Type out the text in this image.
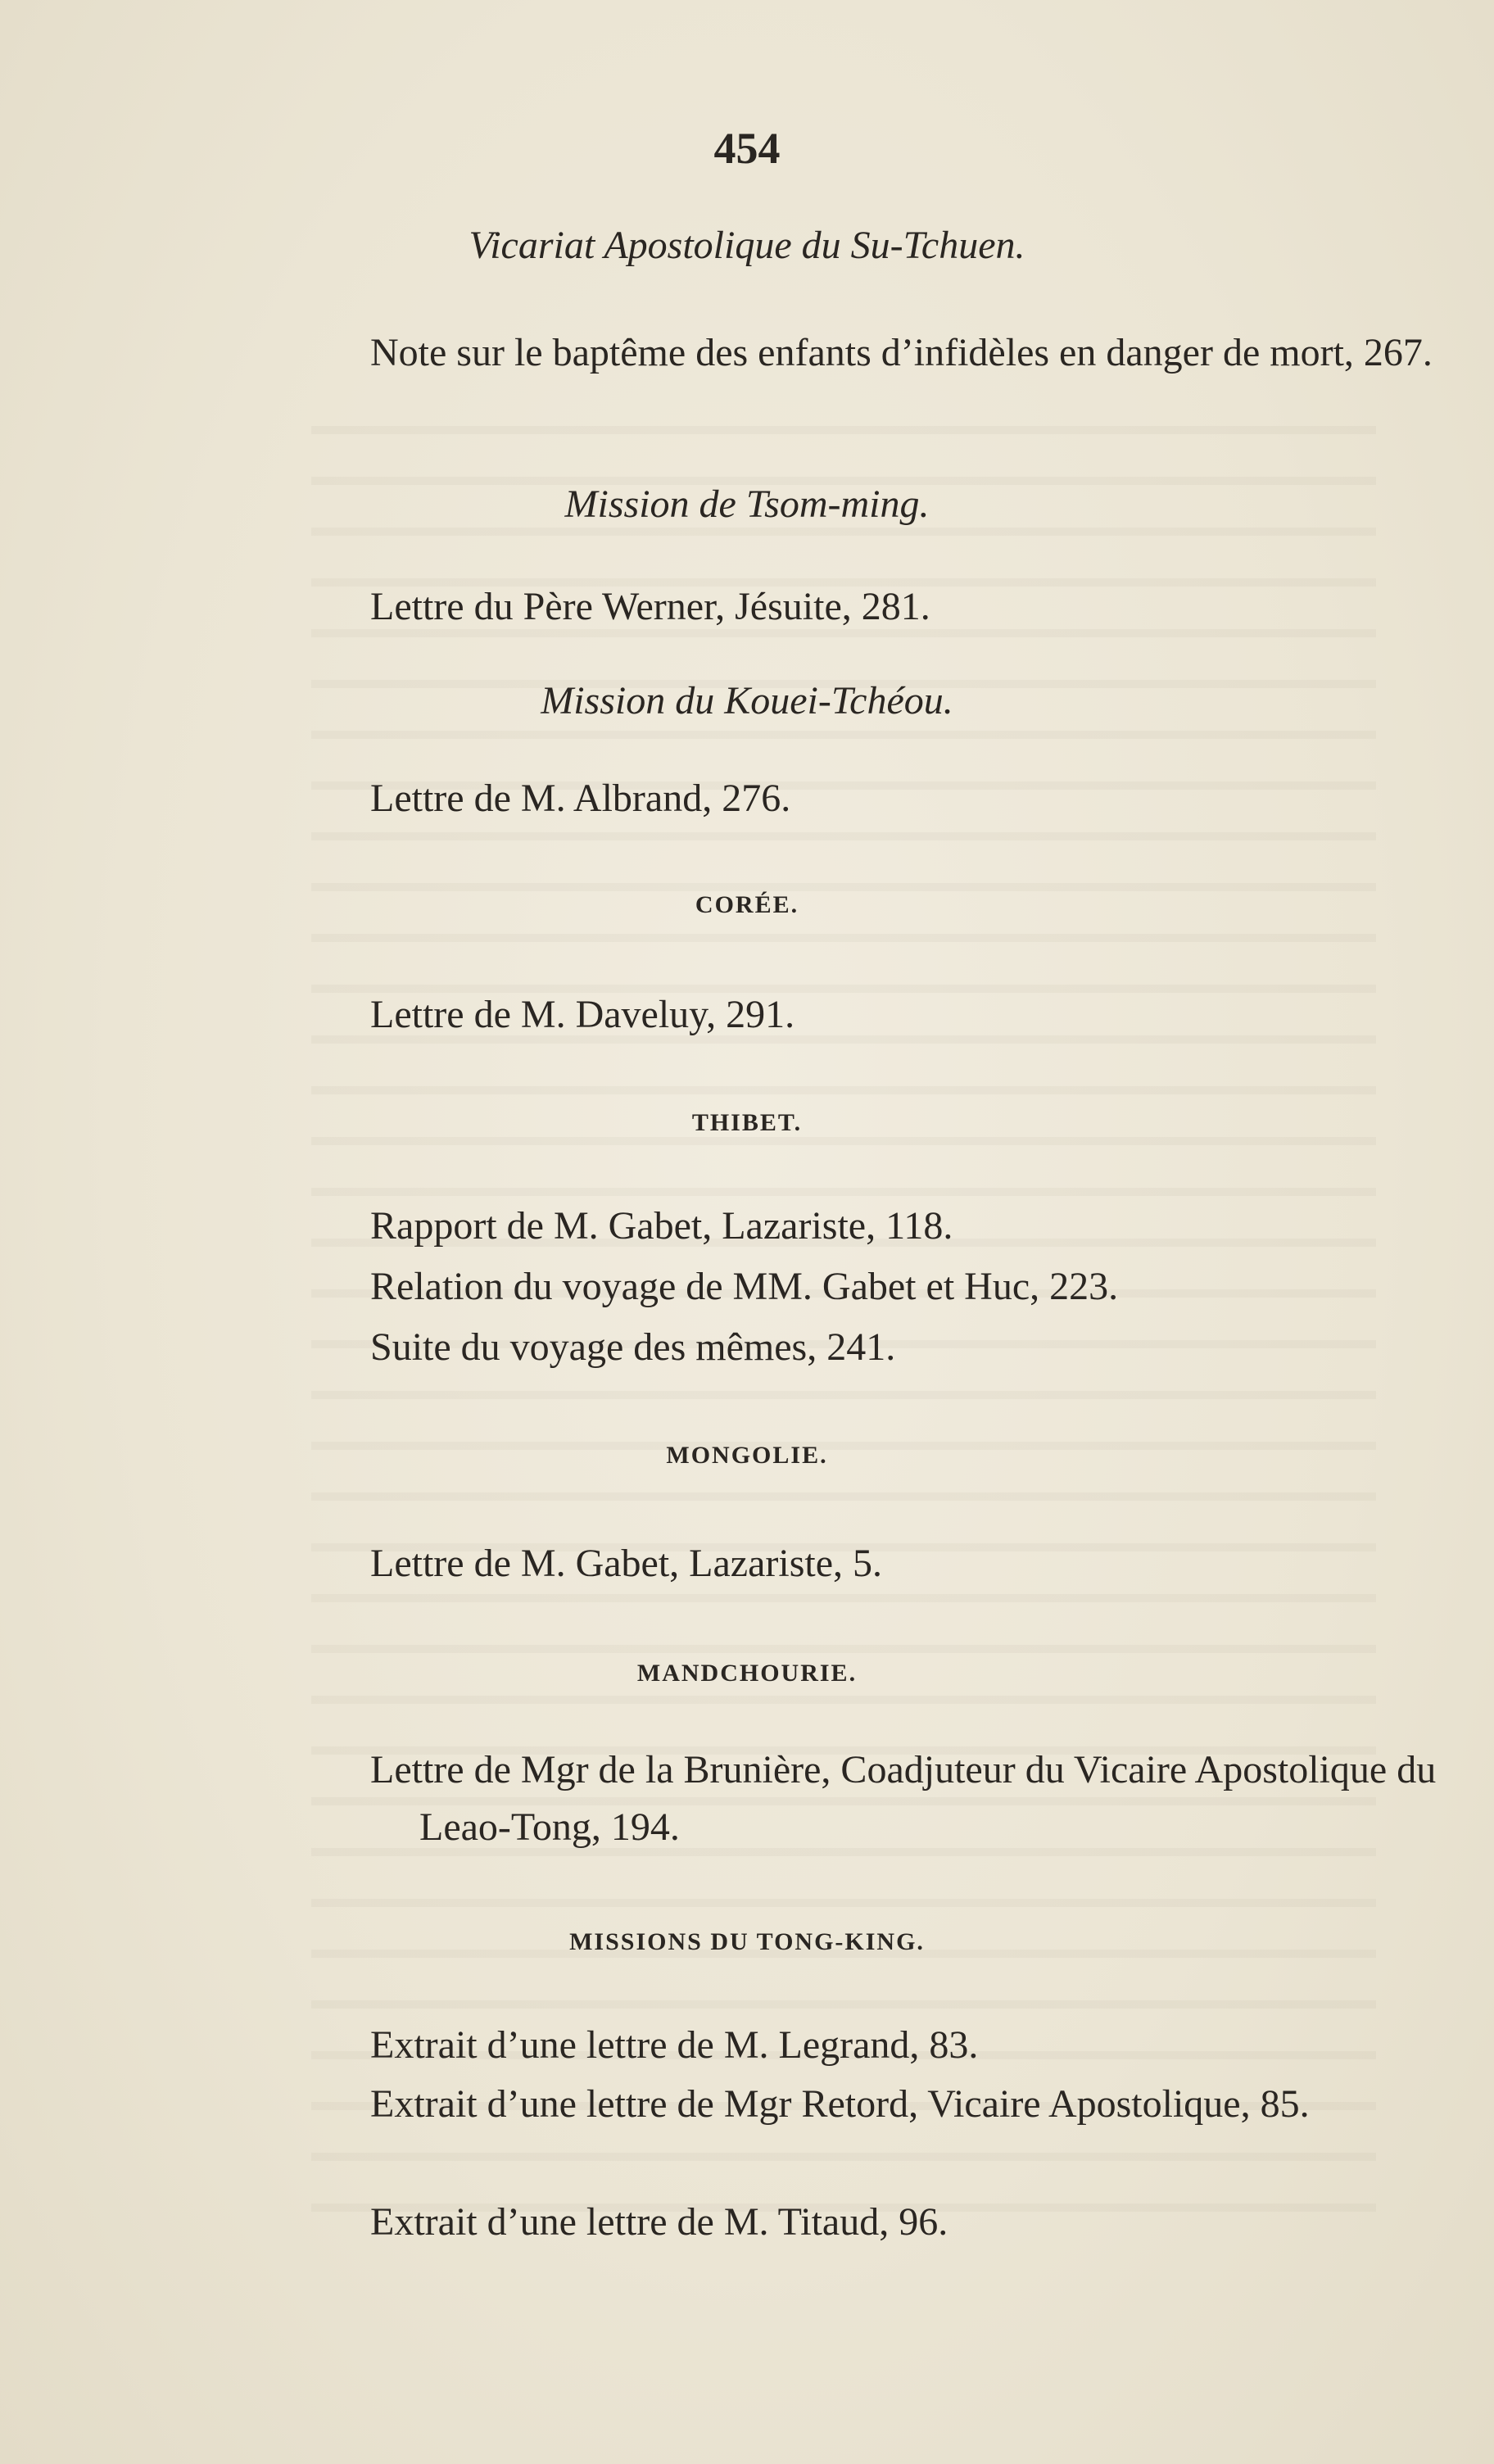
454
Vicariat Apostolique du Su-Tchuen.
Note sur le baptême des enfants d’infidèles en danger de mort, 267.
Mission de Tsom-ming.
Lettre du Père Werner, Jésuite, 281.
Mission du Kouei-Tchéou.
Lettre de M. Albrand, 276.
CORÉE.
Lettre de M. Daveluy, 291.
THIBET.
Rapport de M. Gabet, Lazariste, 118.
Relation du voyage de MM. Gabet et Huc, 223.
Suite du voyage des mêmes, 241.
MONGOLIE.
Lettre de M. Gabet, Lazariste, 5.
MANDCHOURIE.
Lettre de Mgr de la Brunière, Coadjuteur du Vicaire Apostolique du Leao-Tong, 194.
MISSIONS DU TONG-KING.
Extrait d’une lettre de M. Legrand, 83.
Extrait d’une lettre de Mgr Retord, Vicaire Apostolique, 85.
Extrait d’une lettre de M. Titaud, 96.
